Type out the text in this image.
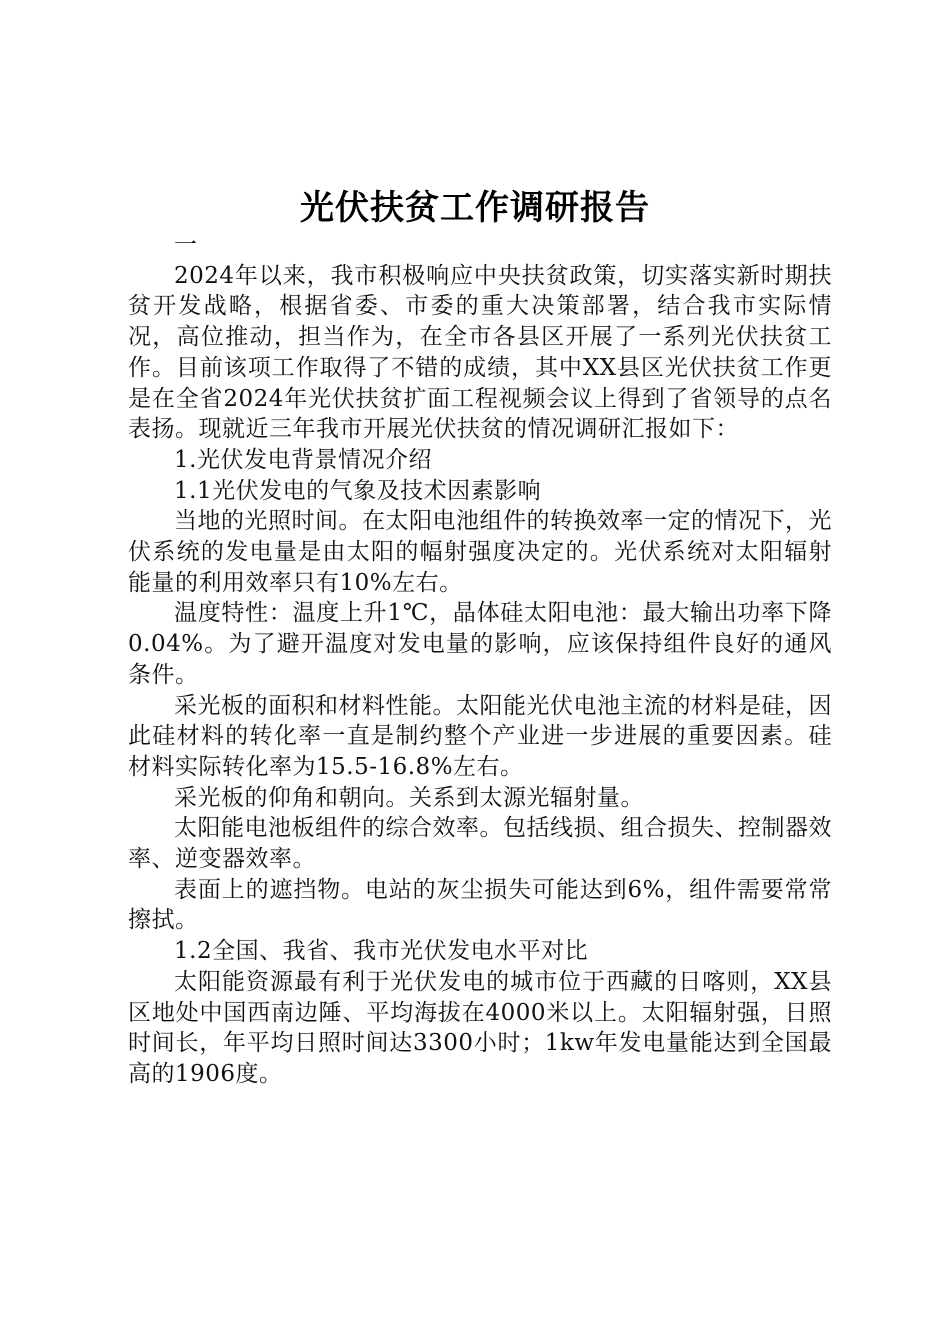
光伏扶贫工作调研报告

一

2024年以来，我市积极响应中央扶贫政策，切实落实新时期扶贫开发战略，根据省委、市委的重大决策部署，结合我市实际情况，高位推动，担当作为，在全市各县区开展了一系列光伏扶贫工作。目前该项工作取得了不错的成绩，其中XX县区光伏扶贫工作更是在全省2024年光伏扶贫扩面工程视频会议上得到了省领导的点名表扬。现就近三年我市开展光伏扶贫的情况调研汇报如下：

1.光伏发电背景情况介绍

1.1光伏发电的气象及技术因素影响

当地的光照时间。在太阳电池组件的转换效率一定的情况下，光伏系统的发电量是由太阳的幅射强度决定的。光伏系统对太阳辐射能量的利用效率只有10%左右。

温度特性：温度上升1℃，晶体硅太阳电池：最大输出功率下降0.04%。为了避开温度对发电量的影响，应该保持组件良好的通风条件。

采光板的面积和材料性能。太阳能光伏电池主流的材料是硅，因此硅材料的转化率一直是制约整个产业进一步进展的重要因素。硅材料实际转化率为15.5-16.8%左右。

采光板的仰角和朝向。关系到太源光辐射量。

太阳能电池板组件的综合效率。包括线损、组合损失、控制器效率、逆变器效率。

表面上的遮挡物。电站的灰尘损失可能达到6%，组件需要常常擦拭。

1.2全国、我省、我市光伏发电水平对比

太阳能资源最有利于光伏发电的城市位于西藏的日喀则，XX县区地处中国西南边陲、平均海拔在4000米以上。太阳辐射强，日照时间长，年平均日照时间达3300小时；1kw年发电量能达到全国最高的1906度。
